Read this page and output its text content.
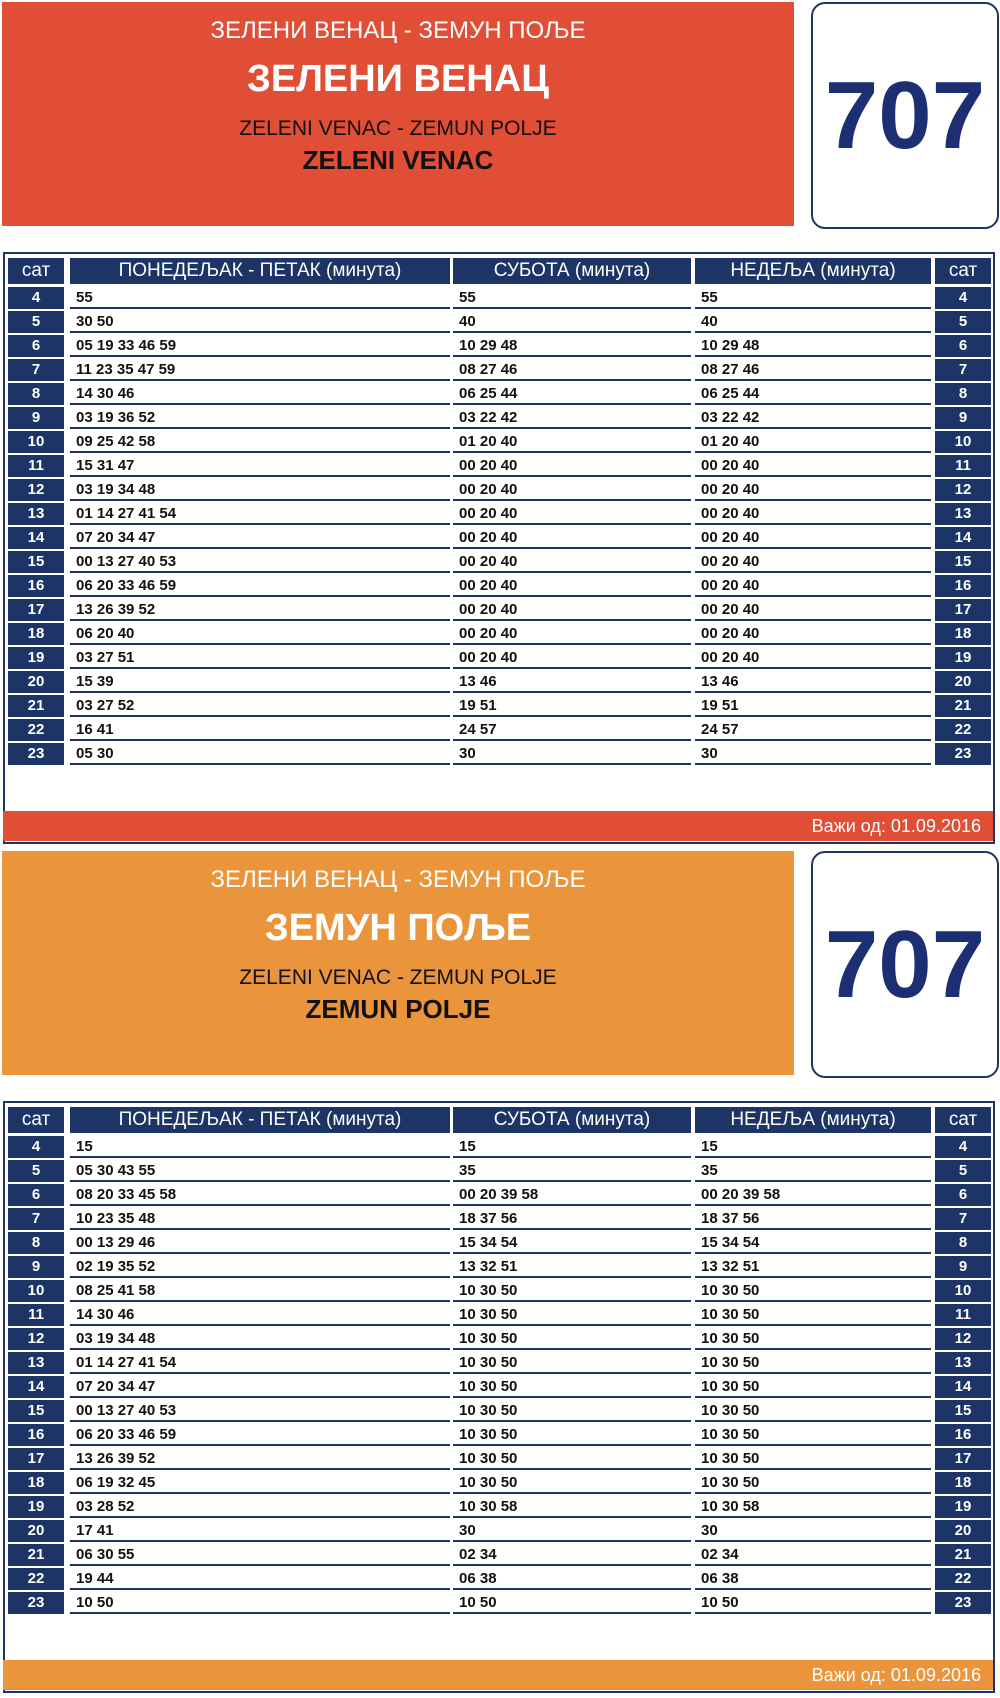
ЗЕЛЕНИ ВЕНАЦ - ЗЕМУН ПОЉЕ
ЗЕЛЕНИ ВЕНАЦ
ZELENI VENAC - ZEMUN POLJE
ZELENI VENAC	707
сат	ПОНЕДЕЉАК - ПЕТАК (минута)	СУБОТА (минута)	НЕДЕЉА (минута)	сат
4	55	55	55	4
5	30 50	40	40	5
6	05 19 33 46 59	10 29 48	10 29 48	6
7	11 23 35 47 59	08 27 46	08 27 46	7
8	14 30 46	06 25 44	06 25 44	8
9	03 19 36 52	03 22 42	03 22 42	9
10	09 25 42 58	01 20 40	01 20 40	10
11	15 31 47	00 20 40	00 20 40	11
12	03 19 34 48	00 20 40	00 20 40	12
13	01 14 27 41 54	00 20 40	00 20 40	13
14	07 20 34 47	00 20 40	00 20 40	14
15	00 13 27 40 53	00 20 40	00 20 40	15
16	06 20 33 46 59	00 20 40	00 20 40	16
17	13 26 39 52	00 20 40	00 20 40	17
18	06 20 40	00 20 40	00 20 40	18
19	03 27 51	00 20 40	00 20 40	19
20	15 39	13 46	13 46	20
21	03 27 52	19 51	19 51	21
22	16 41	24 57	24 57	22
23	05 30	30	30	23
Важи од: 01.09.2016
ЗЕЛЕНИ ВЕНАЦ - ЗЕМУН ПОЉЕ
ЗЕМУН ПОЉЕ
ZELENI VENAC - ZEMUN POLJE
ZEMUN POLJE	707
сат	ПОНЕДЕЉАК - ПЕТАК (минута)	СУБОТА (минута)	НЕДЕЉА (минута)	сат
4	15	15	15	4
5	05 30 43 55	35	35	5
6	08 20 33 45 58	00 20 39 58	00 20 39 58	6
7	10 23 35 48	18 37 56	18 37 56	7
8	00 13 29 46	15 34 54	15 34 54	8
9	02 19 35 52	13 32 51	13 32 51	9
10	08 25 41 58	10 30 50	10 30 50	10
11	14 30 46	10 30 50	10 30 50	11
12	03 19 34 48	10 30 50	10 30 50	12
13	01 14 27 41 54	10 30 50	10 30 50	13
14	07 20 34 47	10 30 50	10 30 50	14
15	00 13 27 40 53	10 30 50	10 30 50	15
16	06 20 33 46 59	10 30 50	10 30 50	16
17	13 26 39 52	10 30 50	10 30 50	17
18	06 19 32 45	10 30 50	10 30 50	18
19	03 28 52	10 30 58	10 30 58	19
20	17 41	30	30	20
21	06 30 55	02 34	02 34	21
22	19 44	06 38	06 38	22
23	10 50	10 50	10 50	23
Важи од: 01.09.2016
